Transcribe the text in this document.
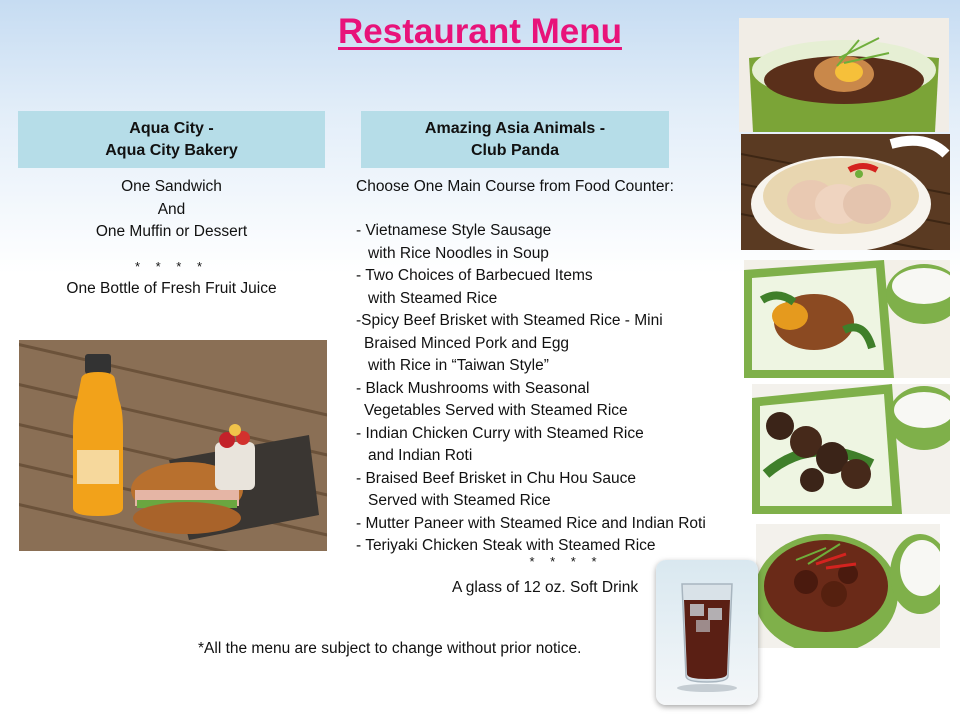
Restaurant Menu
Aqua City -
Aqua City Bakery
Amazing Asia Animals -
Club Panda
One Sandwich
And
One Muffin or Dessert
* * * *
One Bottle of Fresh Fruit Juice
Choose One Main Course from Food Counter:
- Vietnamese Style Sausage
with Rice Noodles in Soup
- Two Choices of Barbecued Items
with Steamed Rice
-Spicy Beef Brisket with Steamed Rice - Mini
Braised Minced Pork and Egg
with Rice in “Taiwan Style”
- Black Mushrooms with Seasonal
Vegetables Served with Steamed Rice
- Indian Chicken Curry with Steamed Rice
and Indian Roti
- Braised Beef Brisket in Chu Hou Sauce
Served with Steamed Rice
- Mutter Paneer with Steamed Rice and Indian Roti
- Teriyaki Chicken Steak with Steamed Rice
* * * *
A glass of 12 oz. Soft Drink
*All the menu are subject to change without prior notice.
